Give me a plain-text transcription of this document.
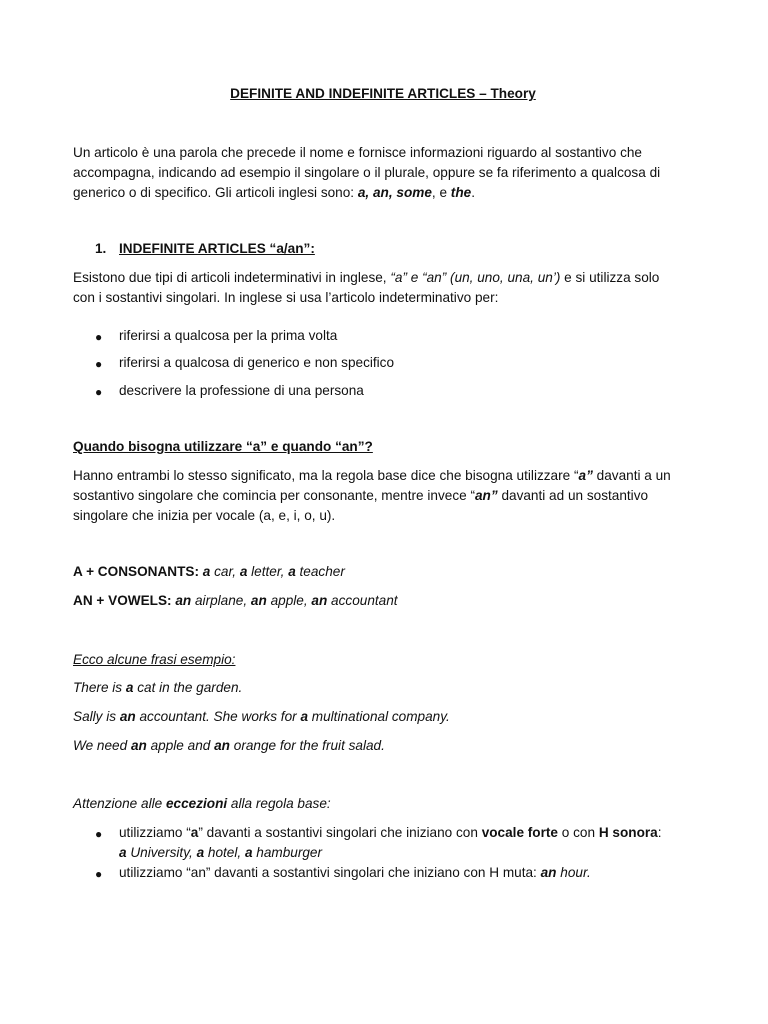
DEFINITE AND INDEFINITE ARTICLES – Theory
Un articolo è una parola che precede il nome e fornisce informazioni riguardo al sostantivo che
accompagna, indicando ad esempio il singolare o il plurale, oppure se fa riferimento a qualcosa di
generico o di specifico. Gli articoli inglesi sono: a, an, some, e the.
1. INDEFINITE ARTICLES “a/an”:
Esistono due tipi di articoli indeterminativi in inglese, “a” e “an” (un, uno, una, un’) e si utilizza solo
con i sostantivi singolari. In inglese si usa l’articolo indeterminativo per:
● riferirsi a qualcosa per la prima volta
● riferirsi a qualcosa di generico e non specifico
● descrivere la professione di una persona
Quando bisogna utilizzare “a” e quando “an”?
Hanno entrambi lo stesso significato, ma la regola base dice che bisogna utilizzare “a” davanti a un
sostantivo singolare che comincia per consonante, mentre invece “an” davanti ad un sostantivo
singolare che inizia per vocale (a, e, i, o, u).
A + CONSONANTS: a car, a letter, a teacher
AN + VOWELS: an airplane, an apple, an accountant
Ecco alcune frasi esempio:
There is a cat in the garden.
Sally is an accountant. She works for a multinational company.
We need an apple and an orange for the fruit salad.
Attenzione alle eccezioni alla regola base:
● utilizziamo “a” davanti a sostantivi singolari che iniziano con vocale forte o con H sonora:
a University, a hotel, a hamburger
● utilizziamo “an” davanti a sostantivi singolari che iniziano con H muta: an hour.
